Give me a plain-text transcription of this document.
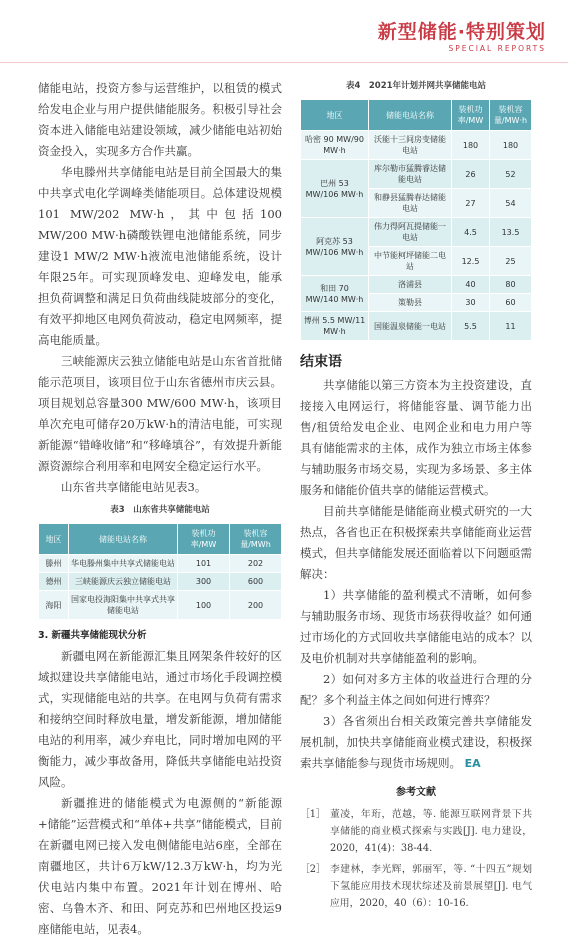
新型储能·特别策划
SPECIAL REPORTS

储能电站，投资方参与运营维护，以租赁的模式给发电企业与用户提供储能服务。积极引导社会资本进入储能电站建设领域，减少储能电站初始资金投入，实现多方合作共赢。

华电滕州共享储能电站是目前全国最大的集中共享式电化学调峰类储能项目。总体建设规模101 MW/202 MW·h，其中包括100 MW/200 MW·h磷酸铁锂电池储能系统，同步建设1 MW/2 MW·h液流电池储能系统，设计年限25年。可实现顶峰发电、迎峰发电，能承担负荷调整和满足日负荷曲线陡坡部分的变化，有效平抑地区电网负荷波动，稳定电网频率，提高电能质量。

三峡能源庆云独立储能电站是山东省首批储能示范项目，该项目位于山东省德州市庆云县。项目规划总容量300 MW/600 MW·h，该项目单次充电可储存20万kW·h的清洁电能，可实现新能源“错峰收储”和“移峰填谷”，有效提升新能源资源综合利用率和电网安全稳定运行水平。

山东省共享储能电站见表3。

表3　山东省共享储能电站
地区	储能电站名称	装机功率/MW	装机容量/MWh
滕州	华电滕州集中共享式储能电站	101	202
德州	三峡能源庆云独立储能电站	300	600
海阳	国家电投海阳集中共享式共享储能电站	100	200
3. 新疆共享储能现状分析

新疆电网在新能源汇集且网架条件较好的区域拟建设共享储能电站，通过市场化手段调控模式，实现储能电站的共享。在电网与负荷有需求和接纳空间时释放电量，增发新能源，增加储能电站的利用率，减少弃电比，同时增加电网的平衡能力，减少事故备用，降低共享储能电站投资风险。

新疆推进的储能模式为电源侧的“新能源+储能”运营模式和“单体+共享”储能模式，目前在新疆电网已接入发电侧储能电站6座，全部在南疆地区，共计6万kW/12.3万kW·h，均为光伏电站内集中布置。2021年计划在博州、哈密、乌鲁木齐、和田、阿克苏和巴州地区投运9座储能电站，见表4。

表4　2021年计划并网共享储能电站
地区	储能电站名称	装机功率/MW	装机容量/MW·h
哈密 90 MW/90 MW·h	沃能十三间房变储能电站	180	180
巴州 53 MW/106 MW·h	库尔勒市猛腾睿达储能电站	26	52
	和静县猛腾春达储能电站	27	54
阿克苏 53 MW/106 MW·h	伟力得阿瓦提储能一电站	4.5	13.5
	中节能柯坪储能二电站	12.5	25
和田 70 MW/140 MW·h	洛浦县	40	80
	策勒县	30	60
博州 5.5 MW/11 MW·h	国能温泉储能一电站	5.5	11
结束语

共享储能以第三方资本为主投资建设，直接接入电网运行，将储能容量、调节能力出售/租赁给发电企业、电网企业和电力用户等具有储能需求的主体，成作为独立市场主体参与辅助服务市场交易，实现为多场景、多主体服务和储能价值共享的储能运营模式。

目前共享储能是储能商业模式研究的一大热点，各省也正在积极探索共享储能商业运营模式，但共享储能发展还面临着以下问题亟需解决：

1）共享储能的盈利模式不清晰，如何参与辅助服务市场、现货市场获得收益？如何通过市场化的方式回收共享储能电站的成本？以及电价机制对共享储能盈利的影响。

2）如何对多方主体的收益进行合理的分配？多个利益主体之间如何进行博弈？

3）各省须出台相关政策完善共享储能发展机制，加快共享储能商业模式建设，积极探索共享储能参与现货市场规则。 EA

参考文献
［1］ 董凌，年珩，范越，等. 能源互联网背景下共享储能的商业模式探索与实践[J]. 电力建设，2020，41(4)：38-44.
［2］ 李建林，李光辉，郭丽军，等. “十四五”规划下氢能应用技术现状综述及前景展望[J]. 电气应用，2020，40（6）：10-16.
